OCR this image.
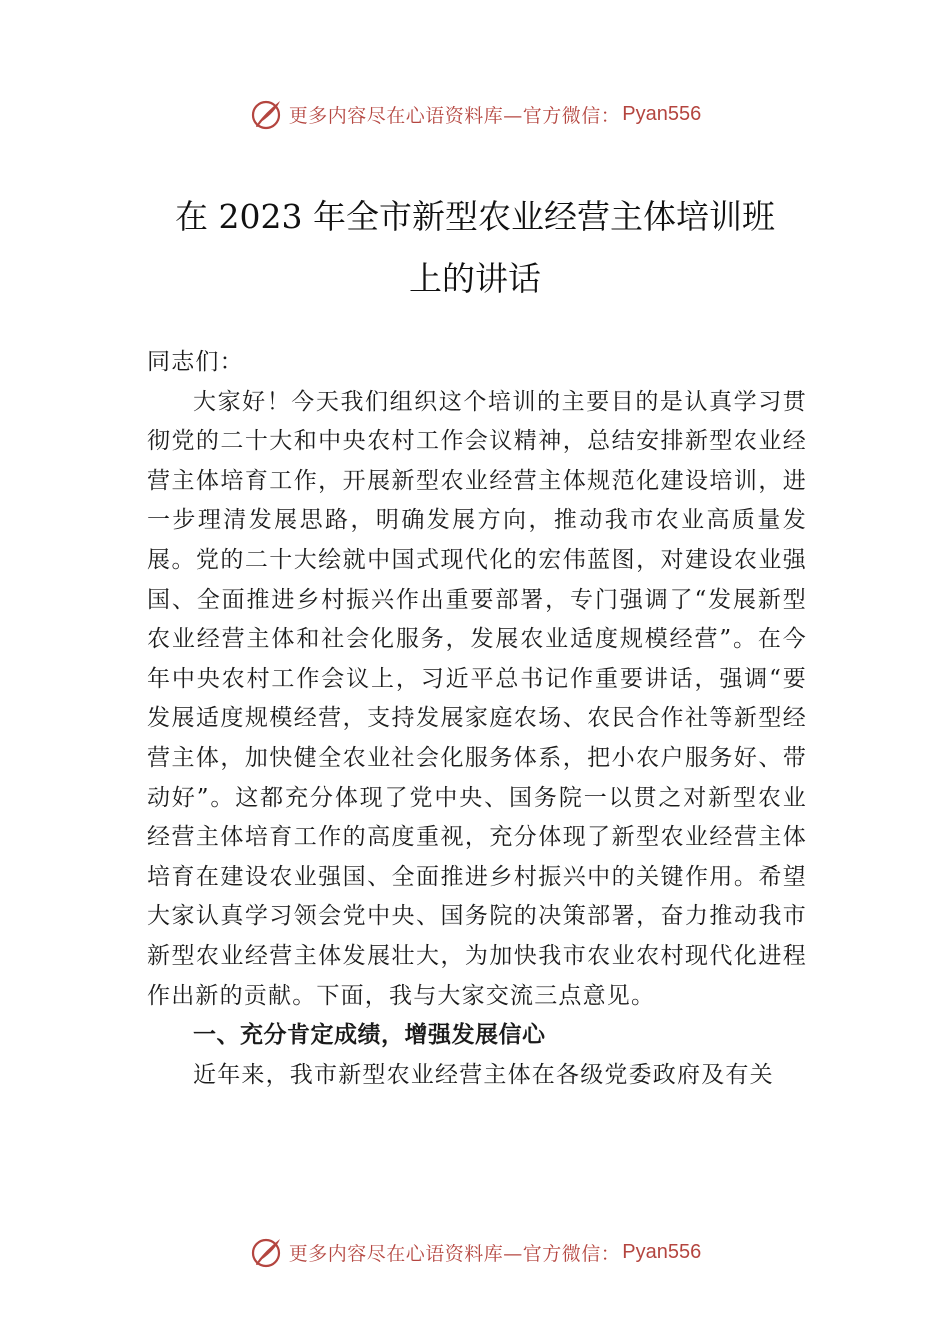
更多内容尽在心语资料库—官方微信： Pyan556
在 2023 年全市新型农业经营主体培训班
上的讲话

同志们：

大家好！今天我们组织这个培训的主要目的是认真学习贯彻党的二十大和中央农村工作会议精神，总结安排新型农业经营主体培育工作，开展新型农业经营主体规范化建设培训，进一步理清发展思路，明确发展方向，推动我市农业高质量发展。党的二十大绘就中国式现代化的宏伟蓝图，对建设农业强国、全面推进乡村振兴作出重要部署，专门强调了“发展新型农业经营主体和社会化服务，发展农业适度规模经营”。在今年中央农村工作会议上，习近平总书记作重要讲话，强调“要发展适度规模经营，支持发展家庭农场、农民合作社等新型经营主体，加快健全农业社会化服务体系，把小农户服务好、带动好”。这都充分体现了党中央、国务院一以贯之对新型农业经营主体培育工作的高度重视，充分体现了新型农业经营主体培育在建设农业强国、全面推进乡村振兴中的关键作用。希望大家认真学习领会党中央、国务院的决策部署，奋力推动我市新型农业经营主体发展壮大，为加快我市农业农村现代化进程作出新的贡献。下面，我与大家交流三点意见。

一、充分肯定成绩，增强发展信心

近年来，我市新型农业经营主体在各级党委政府及有关

更多内容尽在心语资料库—官方微信： Pyan556
